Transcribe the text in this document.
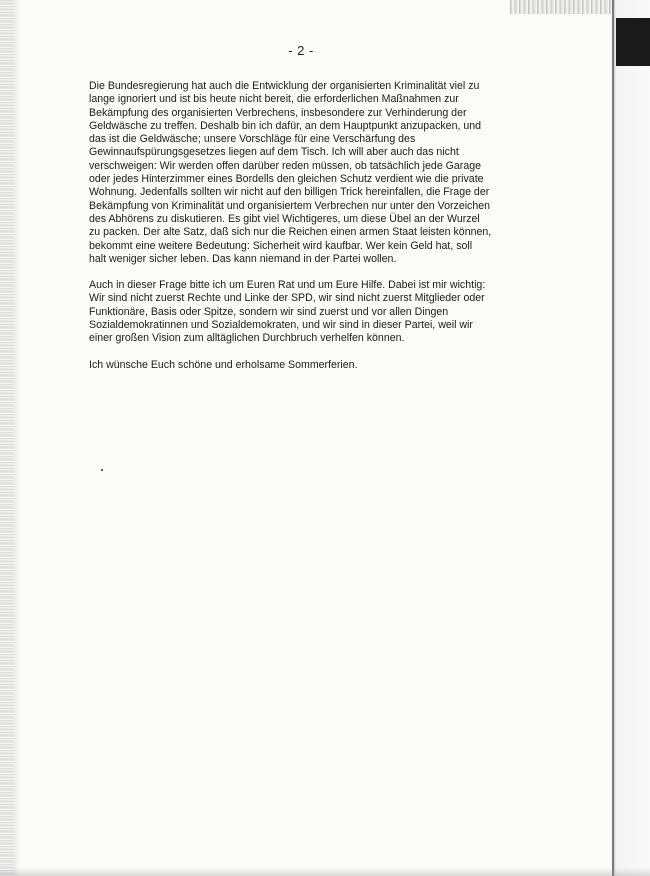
- 2 -

Die Bundesregierung hat auch die Entwicklung der organisierten Kriminalität viel zu
lange ignoriert und ist bis heute nicht bereit, die erforderlichen Maßnahmen zur
Bekämpfung des organisierten Verbrechens, insbesondere zur Verhinderung der
Geldwäsche zu treffen. Deshalb bin ich dafür, an dem Hauptpunkt anzupacken, und
das ist die Geldwäsche; unsere Vorschläge für eine Verschärfung des
Gewinnaufspürungsgesetzes liegen auf dem Tisch. Ich will aber auch das nicht
verschweigen: Wir werden offen darüber reden müssen, ob tatsächlich jede Garage
oder jedes Hinterzimmer eines Bordells den gleichen Schutz verdient wie die private
Wohnung. Jedenfalls sollten wir nicht auf den billigen Trick hereinfallen, die Frage der
Bekämpfung von Kriminalität und organisiertem Verbrechen nur unter den Vorzeichen
des Abhörens zu diskutieren. Es gibt viel Wichtigeres, um diese Übel an der Wurzel
zu packen. Der alte Satz, daß sich nur die Reichen einen armen Staat leisten können,
bekommt eine weitere Bedeutung: Sicherheit wird kaufbar. Wer kein Geld hat, soll
halt weniger sicher leben. Das kann niemand in der Partei wollen.

Auch in dieser Frage bitte ich um Euren Rat und um Eure Hilfe. Dabei ist mir wichtig:
Wir sind nicht zuerst Rechte und Linke der SPD, wir sind nicht zuerst Mitglieder oder
Funktionäre, Basis oder Spitze, sondern wir sind zuerst und vor allen Dingen
Sozialdemokratinnen und Sozialdemokraten, und wir sind in dieser Partei, weil wir
einer großen Vision zum alltäglichen Durchbruch verhelfen können.

Ich wünsche Euch schöne und erholsame Sommerferien.
